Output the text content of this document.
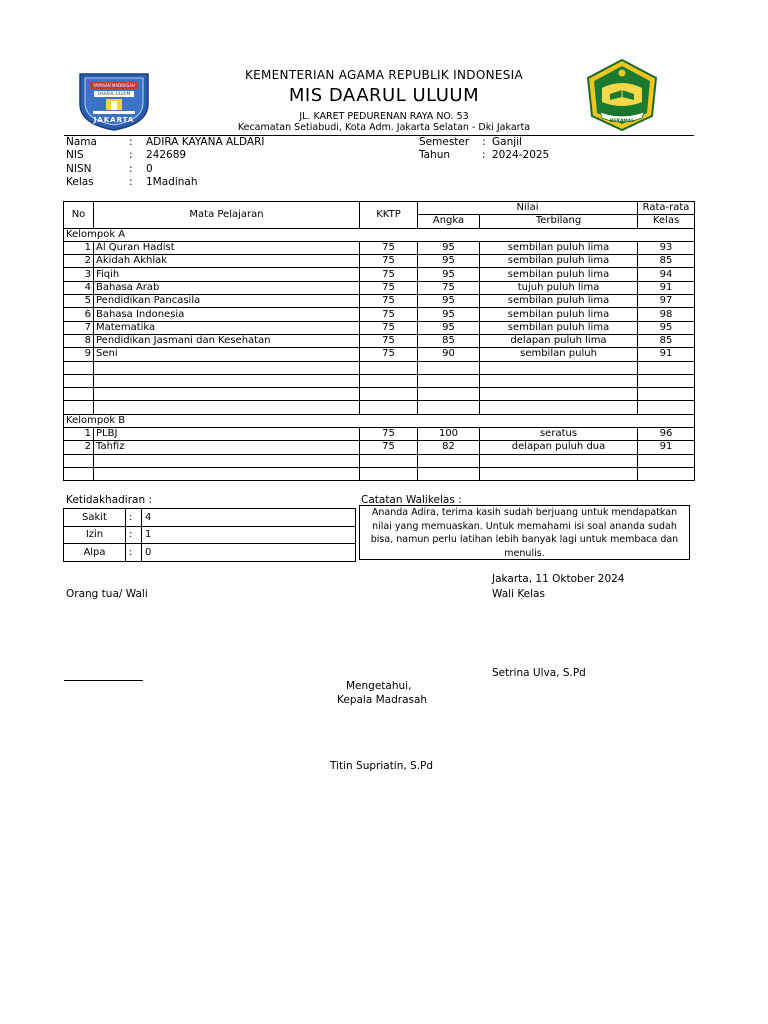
YAYASAN MADRASAH
DAARUL ULUUM
JAKARTA
IKHLAS BERAMAL
KEMENTERIAN AGAMA REPUBLIK INDONESIA
MIS DAARUL ULUUM
JL. KARET PEDURENAN RAYA NO. 53
Kecamatan Setiabudi, Kota Adm. Jakarta Selatan - Dki Jakarta
Nama	: ADIRA KAYANA ALDARI
NIS	: 242689
NISN	: 0
Kelas	: 1Madinah
Semester : Ganjil
Tahun	: 2024-2025
No	Mata Pelajaran	KKTP	Nilai		Rata-rata
			Angka	Terbilang	Kelas
Kelompok A					
1	Al Quran Hadist	75	95	sembilan puluh lima	93
2	Akidah Akhlak	75	95	sembilan puluh lima	85
3	Fiqih	75	95	sembilan puluh lima	94
4	Bahasa Arab	75	75	tujuh puluh lima	91
5	Pendidikan Pancasila	75	95	sembilan puluh lima	97
6	Bahasa Indonesia	75	95	sembilan puluh lima	98
7	Matematika	75	95	sembilan puluh lima	95
8	Pendidikan Jasmani dan Kesehatan	75	85	delapan puluh lima	85
9	Seni	75	90	sembilan puluh	91

Kelompok B					
1	PLBJ	75	100	seratus	96
2	Tahfiz	75	82	delapan puluh dua	91

Ketidakhadiran :
Sakit	:	4
Izin	:	1
Alpa	:	0
Catatan Walikelas :
Ananda Adira, terima kasih sudah berjuang untuk mendapatkan nilai yang memuaskan. Untuk memahami isi soal ananda sudah bisa, namun perlu latihan lebih banyak lagi untuk membaca dan menulis.
Jakarta, 11 Oktober 2024
Orang tua/ Wali	Wali Kelas
Setrina Ulva, S.Pd
Mengetahui,
Kepala Madrasah
Titin Supriatin, S.Pd
